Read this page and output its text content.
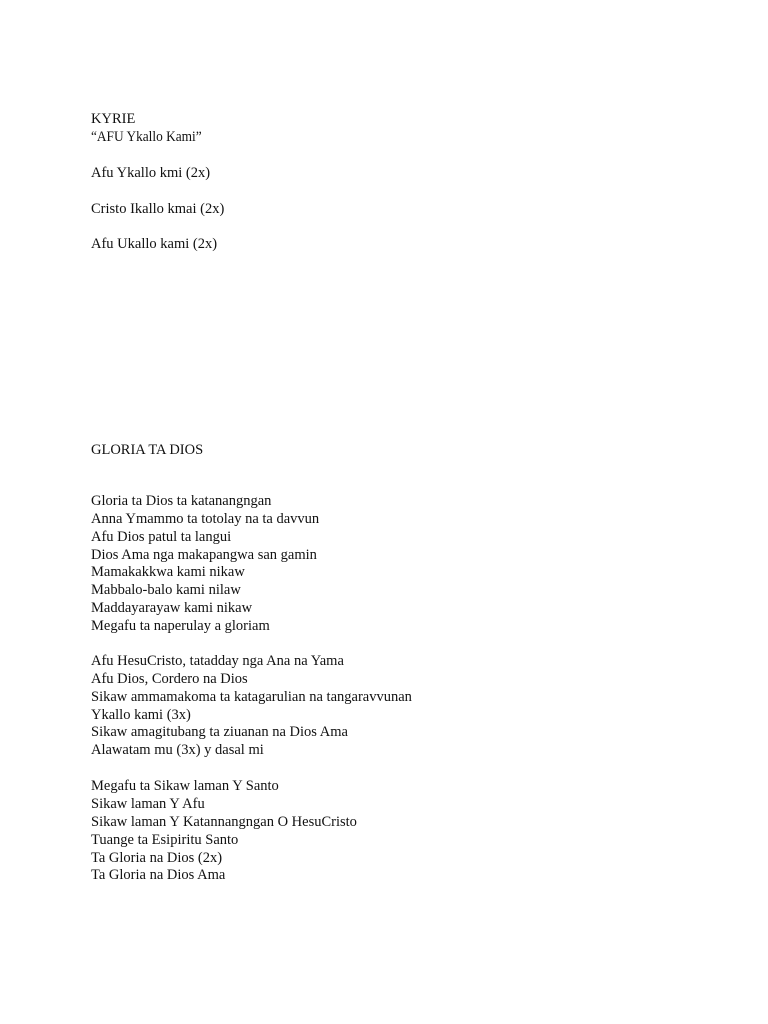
KYRIE
“AFU Ykallo Kami”
Afu Ykallo kmi (2x)
Cristo Ikallo kmai (2x)
Afu Ukallo kami (2x)
GLORIA TA DIOS
Gloria ta Dios ta katanangngan
Anna Ymammo ta totolay na ta davvun
Afu Dios patul ta langui
Dios Ama nga makapangwa san gamin
Mamakakkwa kami nikaw
Mabbalo-balo kami nilaw
Maddayarayaw kami nikaw
Megafu ta naperulay a gloriam
Afu HesuCristo, tatadday nga Ana na Yama
Afu Dios, Cordero na Dios
Sikaw ammamakoma ta katagarulian na tangaravvunan
Ykallo kami (3x)
Sikaw amagitubang ta ziuanan na Dios Ama
Alawatam mu (3x) y dasal mi
Megafu ta Sikaw laman Y Santo
Sikaw laman Y Afu
Sikaw laman Y Katannangngan O HesuCristo
Tuange ta Esipiritu Santo
Ta Gloria na Dios (2x)
Ta Gloria na Dios Ama
